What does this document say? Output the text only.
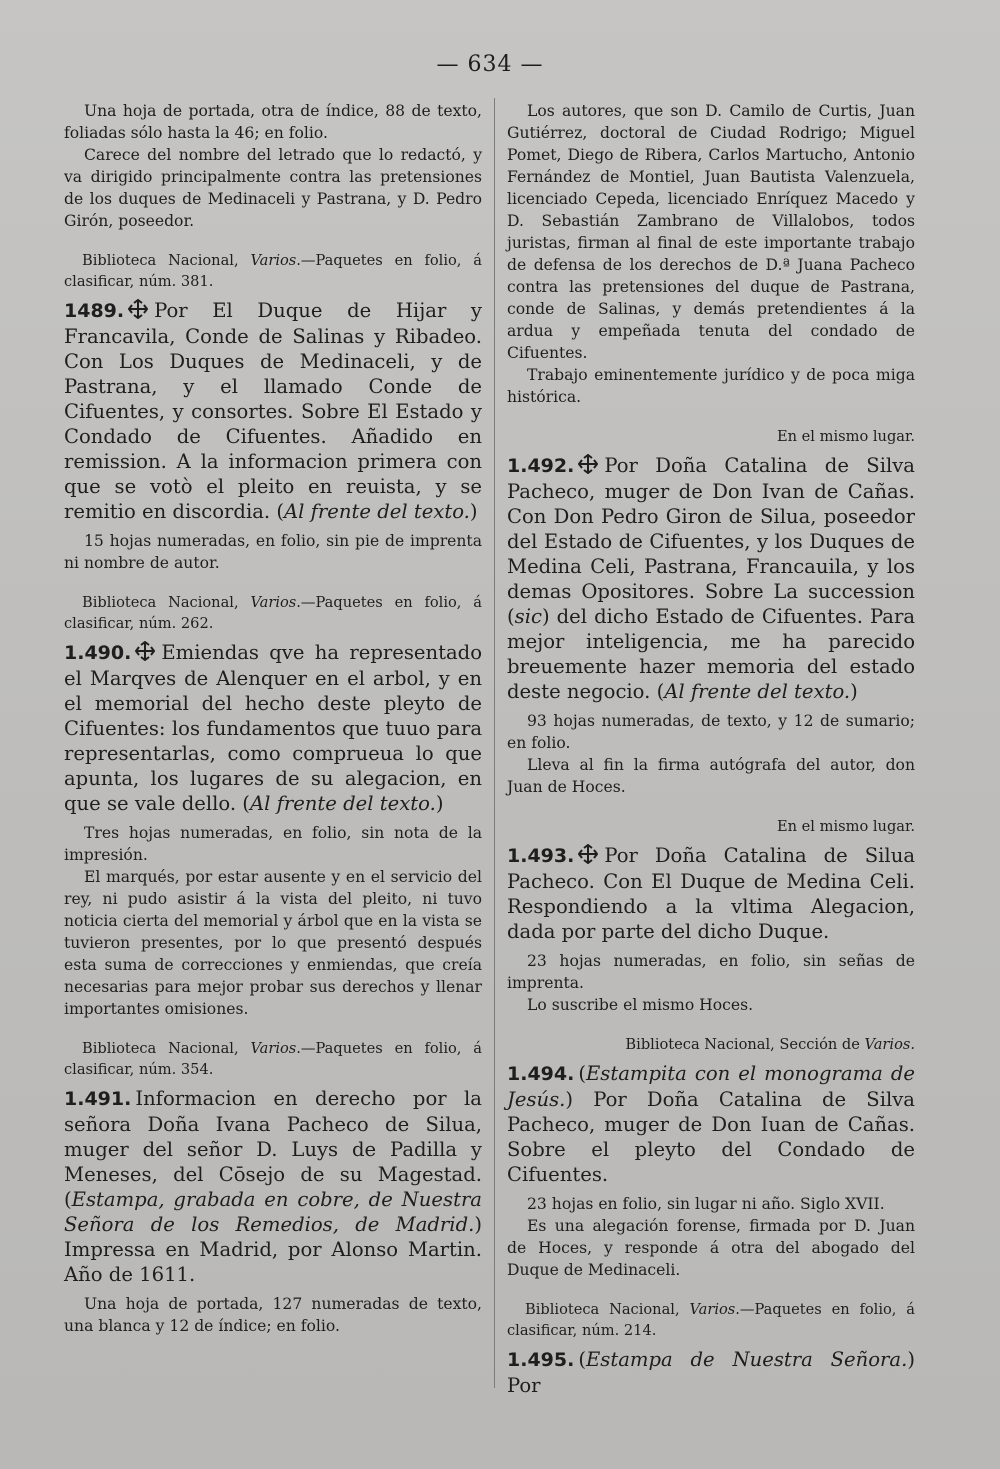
— 634 —

Una hoja de portada, otra de índice, 88 de texto, foliadas sólo hasta la 46; en folio.

Carece del nombre del letrado que lo redactó, y va dirigido principalmente contra las pretensiones de los duques de Medinaceli y Pastrana, y D. Pedro Girón, poseedor.

Biblioteca Nacional, Varios.—Paquetes en folio, á clasificar, núm. 381.

1489. Por El Duque de Hijar y Francavila, Conde de Salinas y Ribadeo. Con Los Duques de Medinaceli, y de Pastrana, y el llamado Conde de Cifuentes, y consortes. Sobre El Estado y Condado de Cifuentes. Añadido en remission. A la informacion primera con que se votò el pleito en reuista, y se remitio en discordia. (Al frente del texto.)

15 hojas numeradas, en folio, sin pie de imprenta ni nombre de autor.

Biblioteca Nacional, Varios.—Paquetes en folio, á clasificar, núm. 262.

1.490. Emiendas qve ha representado el Marqves de Alenquer en el arbol, y en el memorial del hecho deste pleyto de Cifuentes: los fundamentos que tuuo para representarlas, como comprueua lo que apunta, los lugares de su alegacion, en que se vale dello. (Al frente del texto.)

Tres hojas numeradas, en folio, sin nota de la impresión.

El marqués, por estar ausente y en el servicio del rey, ni pudo asistir á la vista del pleito, ni tuvo noticia cierta del memorial y árbol que en la vista se tuvieron presentes, por lo que presentó después esta suma de correcciones y enmiendas, que creía necesarias para mejor probar sus derechos y llenar importantes omisiones.

Biblioteca Nacional, Varios.—Paquetes en folio, á clasificar, núm. 354.

1.491. Informacion en derecho por la señora Doña Ivana Pacheco de Silua, muger del señor D. Luys de Padilla y Meneses, del Cōsejo de su Magestad. (Estampa, grabada en cobre, de Nuestra Señora de los Remedios, de Madrid.) Impressa en Madrid, por Alonso Martin. Año de 1611.

Una hoja de portada, 127 numeradas de texto, una blanca y 12 de índice; en folio.

Los autores, que son D. Camilo de Curtis, Juan Gutiérrez, doctoral de Ciudad Rodrigo; Miguel Pomet, Diego de Ribera, Carlos Martucho, Antonio Fernández de Montiel, Juan Bautista Valenzuela, licenciado Cepeda, licenciado Enríquez Macedo y D. Sebastián Zambrano de Villalobos, todos juristas, firman al final de este importante trabajo de defensa de los derechos de D.ª Juana Pacheco contra las pretensiones del duque de Pastrana, conde de Salinas, y demás pretendientes á la ardua y empeñada tenuta del condado de Cifuentes.

Trabajo eminentemente jurídico y de poca miga histórica.

En el mismo lugar.

1.492. Por Doña Catalina de Silva Pacheco, muger de Don Ivan de Cañas. Con Don Pedro Giron de Silua, poseedor del Estado de Cifuentes, y los Duques de Medina Celi, Pastrana, Francauila, y los demas Opositores. Sobre La succession (sic) del dicho Estado de Cifuentes. Para mejor inteligencia, me ha parecido breuemente hazer memoria del estado deste negocio. (Al frente del texto.)

93 hojas numeradas, de texto, y 12 de sumario; en folio.

Lleva al fin la firma autógrafa del autor, don Juan de Hoces.

En el mismo lugar.

1.493. Por Doña Catalina de Silua Pacheco. Con El Duque de Medina Celi. Respondiendo a la vltima Alegacion, dada por parte del dicho Duque.

23 hojas numeradas, en folio, sin señas de imprenta.

Lo suscribe el mismo Hoces.

Biblioteca Nacional, Sección de Varios.

1.494. (Estampita con el monograma de Jesús.) Por Doña Catalina de Silva Pacheco, muger de Don Iuan de Cañas. Sobre el pleyto del Condado de Cifuentes.

23 hojas en folio, sin lugar ni año. Siglo XVII.

Es una alegación forense, firmada por D. Juan de Hoces, y responde á otra del abogado del Duque de Medinaceli.

Biblioteca Nacional, Varios.—Paquetes en folio, á clasificar, núm. 214.

1.495. (Estampa de Nuestra Señora.) Por
